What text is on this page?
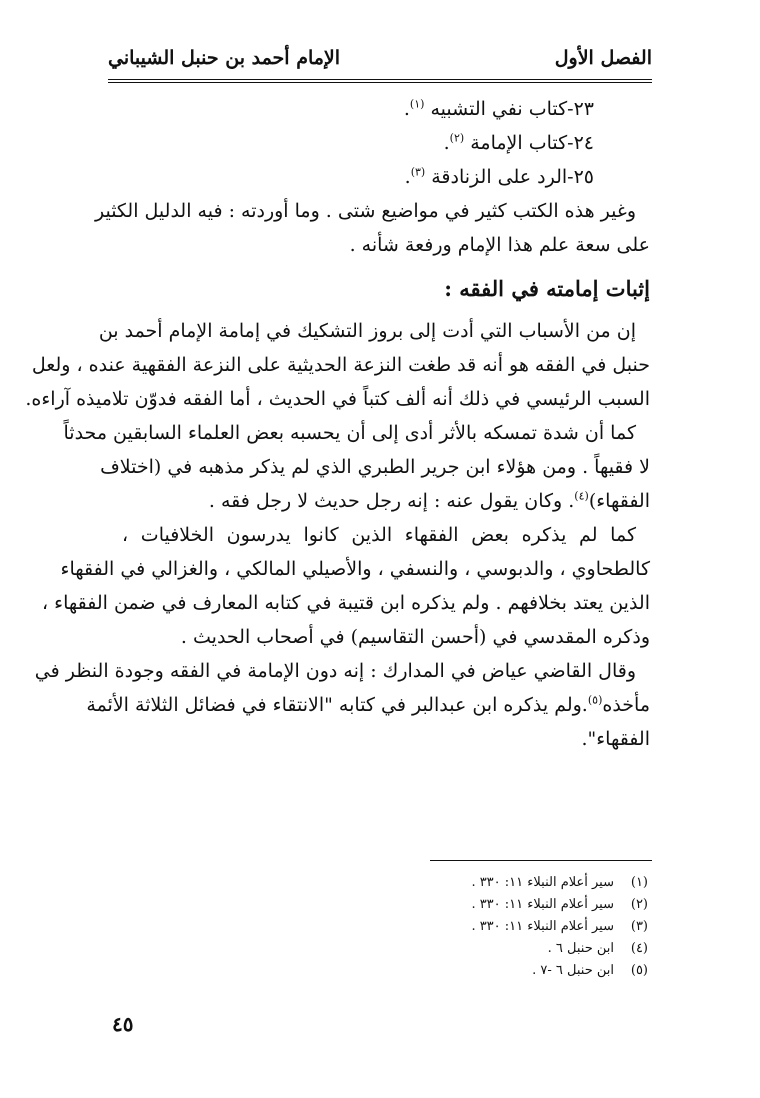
الفصل الأول
الإمام أحمد بن حنبل الشيباني
٢٣-كتاب نفي التشبيه $^{(١)}$.
٢٤-كتاب الإمامة $^{(٢)}$.
٢٥-الرد على الزنادقة $^{(٣)}$.
وغير هذه الكتب كثير في مواضيع شتى . وما أوردته : فيه الدليل الكثير
على سعة علم هذا الإمام ورفعة شأنه .
إثبات إمامته في الفقه :
إن من الأسباب التي أدت إلى بروز التشكيك في إمامة الإمام أحمد بن
حنبل في الفقه هو أنه قد طغت النزعة الحديثية على النزعة الفقهية عنده ، ولعل
السبب الرئيسي في ذلك أنه ألف كتباً في الحديث ، أما الفقه فدوّن تلاميذه آراءه.
كما أن شدة تمسكه بالأثر أدى إلى أن يحسبه بعض العلماء السابقين محدثاً
لا فقيهاً . ومن هؤلاء ابن جرير الطبري الذي لم يذكر مذهبه في (اختلاف
الفقهاء)$^{(٤)}$. وكان يقول عنه : إنه رجل حديث لا رجل فقه .
كما لم يذكره بعض الفقهاء الذين كانوا يدرسون الخلافيات ،
كالطحاوي ، والدبوسي ، والنسفي ، والأصيلي المالكي ، والغزالي في الفقهاء
الذين يعتد بخلافهم . ولم يذكره ابن قتيبة في كتابه المعارف في ضمن الفقهاء ،
وذكره المقدسي في (أحسن التقاسيم) في أصحاب الحديث .
وقال القاضي عياض في المدارك : إنه دون الإمامة في الفقه وجودة النظر في
مأخذه$^{(٥)}$.ولم يذكره ابن عبدالبر في كتابه "الانتقاء في فضائل الثلاثة الأئمة
الفقهاء".
(١)سير أعلام النبلاء ١١: ٣٣٠ .
(٢)سير أعلام النبلاء ١١: ٣٣٠ .
(٣)سير أعلام النبلاء ١١: ٣٣٠ .
(٤)ابن حنبل ٦ .
(٥)ابن حنبل ٦ -٧ .
٤٥
